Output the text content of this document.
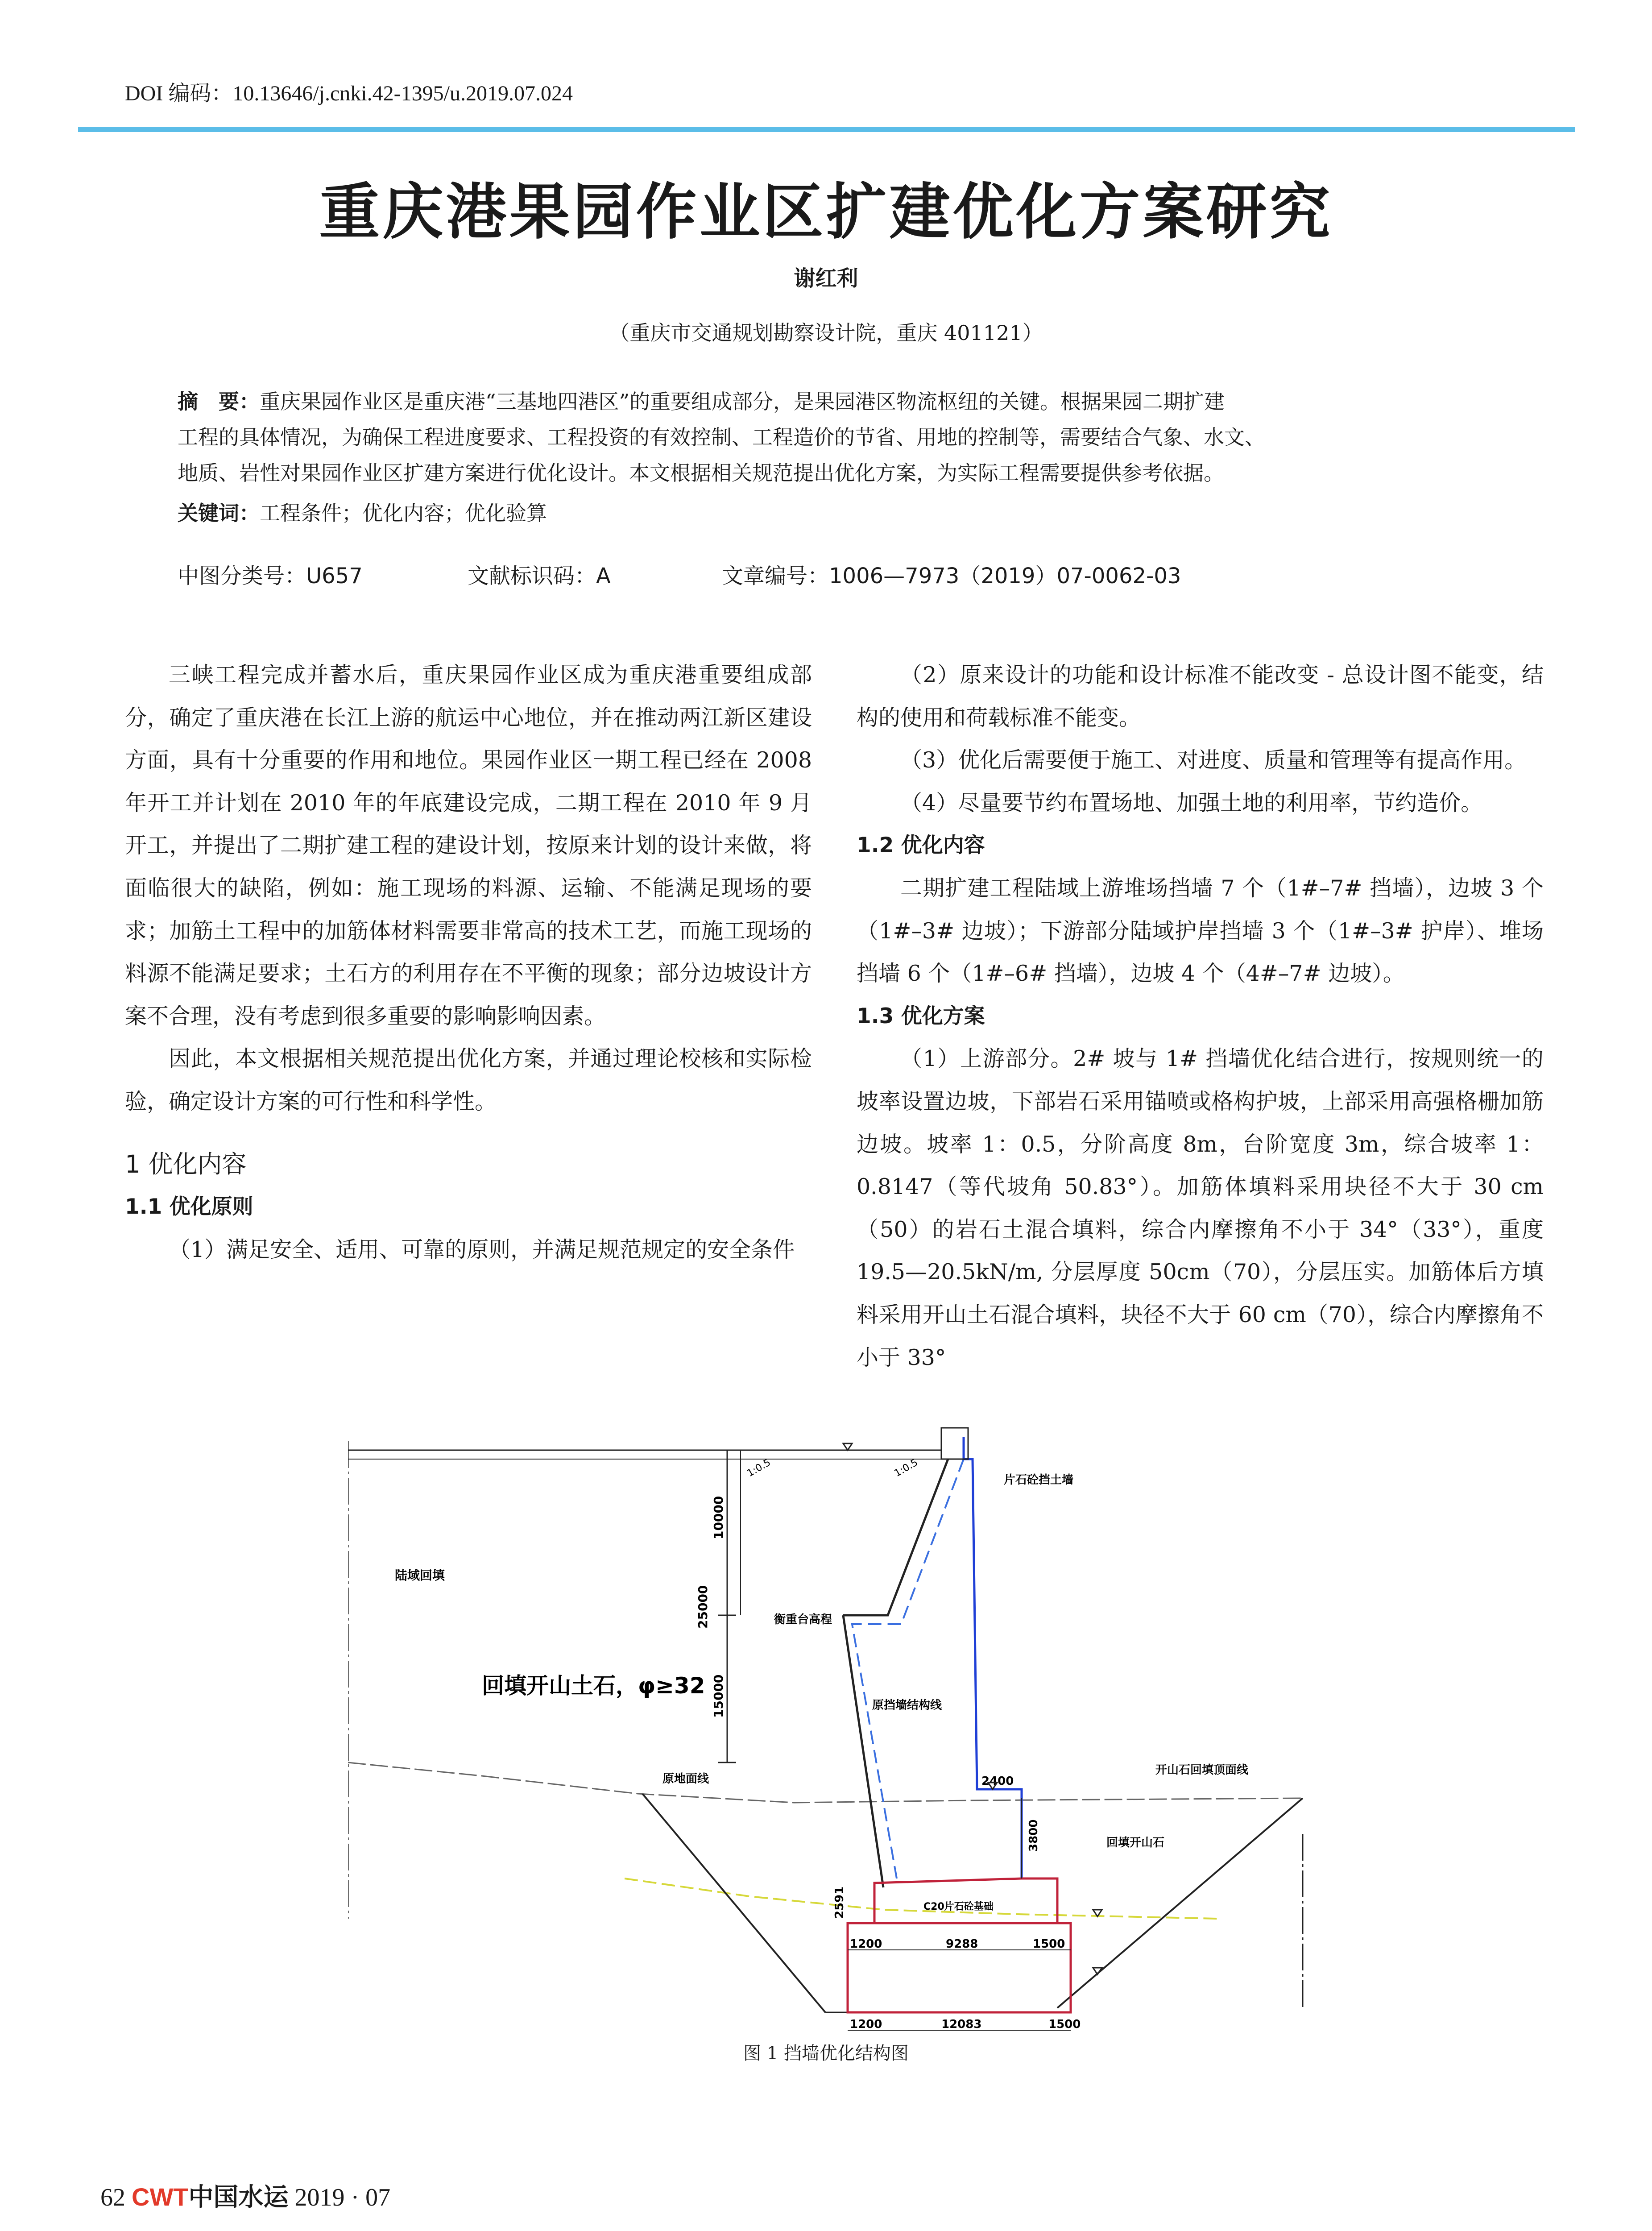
DOI 编码：10.13646/j.cnki.42-1395/u.2019.07.024
重庆港果园作业区扩建优化方案研究
谢红利
（重庆市交通规划勘察设计院，重庆 401121）
摘　要：重庆果园作业区是重庆港“三基地四港区”的重要组成部分，是果园港区物流枢纽的关键。根据果园二期扩建
工程的具体情况，为确保工程进度要求、工程投资的有效控制、工程造价的节省、用地的控制等，需要结合气象、水文、
地质、岩性对果园作业区扩建方案进行优化设计。本文根据相关规范提出优化方案，为实际工程需要提供参考依据。
关键词：工程条件；优化内容；优化验算
中图分类号：U657	文献标识码：A	文章编号：1006—7973（2019）07-0062-03

三峡工程完成并蓄水后，重庆果园作业区成为重庆港重要组成部分，确定了重庆港在长江上游的航运中心地位，并在推动两江新区建设方面，具有十分重要的作用和地位。果园作业区一期工程已经在 2008 年开工并计划在 2010 年的年底建设完成，二期工程在 2010 年 9 月开工，并提出了二期扩建工程的建设计划，按原来计划的设计来做，将面临很大的缺陷，例如：施工现场的料源、运输、不能满足现场的要求；加筋土工程中的加筋体材料需要非常高的技术工艺，而施工现场的料源不能满足要求；土石方的利用存在不平衡的现象；部分边坡设计方案不合理，没有考虑到很多重要的影响影响因素。

因此，本文根据相关规范提出优化方案，并通过理论校核和实际检验，确定设计方案的可行性和科学性。

1 优化内容

1.1 优化原则

（1）满足安全、适用、可靠的原则，并满足规范规定的安全条件

（2）原来设计的功能和设计标准不能改变 - 总设计图不能变，结构的使用和荷载标准不能变。

（3）优化后需要便于施工、对进度、质量和管理等有提高作用。

（4）尽量要节约布置场地、加强土地的利用率，节约造价。

1.2 优化内容

二期扩建工程陆域上游堆场挡墙 7 个（1#–7# 挡墙），边坡 3 个（1#–3# 边坡）；下游部分陆域护岸挡墙 3 个（1#–3# 护岸）、堆场挡墙 6 个（1#–6# 挡墙），边坡 4 个（4#–7# 边坡）。

1.3 优化方案

（1）上游部分。2# 坡与 1# 挡墙优化结合进行，按规则统一的坡率设置边坡，下部岩石采用锚喷或格构护坡，上部采用高强格栅加筋边坡。坡率 1：0.5，分阶高度 8m，台阶宽度 3m，综合坡率 1：0.8147（等代坡角 50.83°）。加筋体填料采用块径不大于 30 cm（50）的岩石土混合填料，综合内摩擦角不小于 34°（33°），重度 19.5—20.5kN/m, 分层厚度 50cm（70），分层压实。加筋体后方填料采用开山土石混合填料，块径不大于 60 cm（70），综合内摩擦角不小于 33°

陆域回填
回填开山土石，φ≥32
片石砼挡土墙
衡重台高程
原挡墙结构线
原地面线
开山石回填顶面线
回填开山石
C20片石砼基础
10000
25000
15000
2400
3800
2591
1200	9288	1500
1200	12083	1500
1:0.5	1:0.5
图 1 挡墙优化结构图
62 CWT中国水运 2019 · 07
